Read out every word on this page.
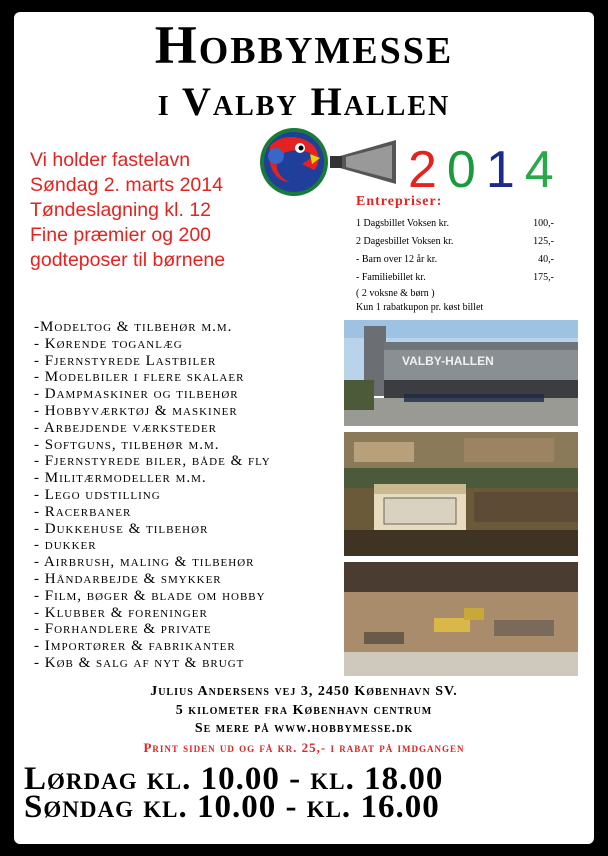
Hobbymesse
i Valby Hallen
Vi holder fastelavn
Søndag 2. marts 2014
Tøndeslagning kl. 12
Fine præmier og 200
godteposer til børnene
2014
Entrepriser:
1 Dagsbillet Voksen kr.	100,-
2 Dagesbillet Voksen kr.	125,-
- Barn over 12 år kr.	40,-
- Familiebillet kr.	175,-
( 2 voksne & børn )
Kun 1 rabatkupon pr. køst billet
-Modeltog & tilbehør m.m.
- Kørende toganlæg
- Fjernstyrede Lastbiler
- Modelbiler i flere skalaer
- Dampmaskiner og tilbehør
- Hobbyværktøj & maskiner
- Arbejdende værksteder
- Softguns, tilbehør m.m.
- Fjernstyrede biler, både & fly
- Militærmodeller m.m.
- Lego udstilling
- Racerbaner
- Dukkehuse & tilbehør
- dukker
- Airbrush, maling & tilbehør
- Håndarbejde & smykker
- Film, bøger & blade om hobby
- Klubber & foreninger
- Forhandlere & private
- Importører & fabrikanter
- Køb & salg af nyt & brugt
VALBY-HALLEN
Julius Andersens vej 3, 2450 København SV.
5 kilometer fra København centrum
Se mere på www.hobbymesse.dk
Print siden ud og få kr. 25,- i rabat på imdgangen
Lørdag kl. 10.00 - kl. 18.00
Søndag kl. 10.00 - kl. 16.00
